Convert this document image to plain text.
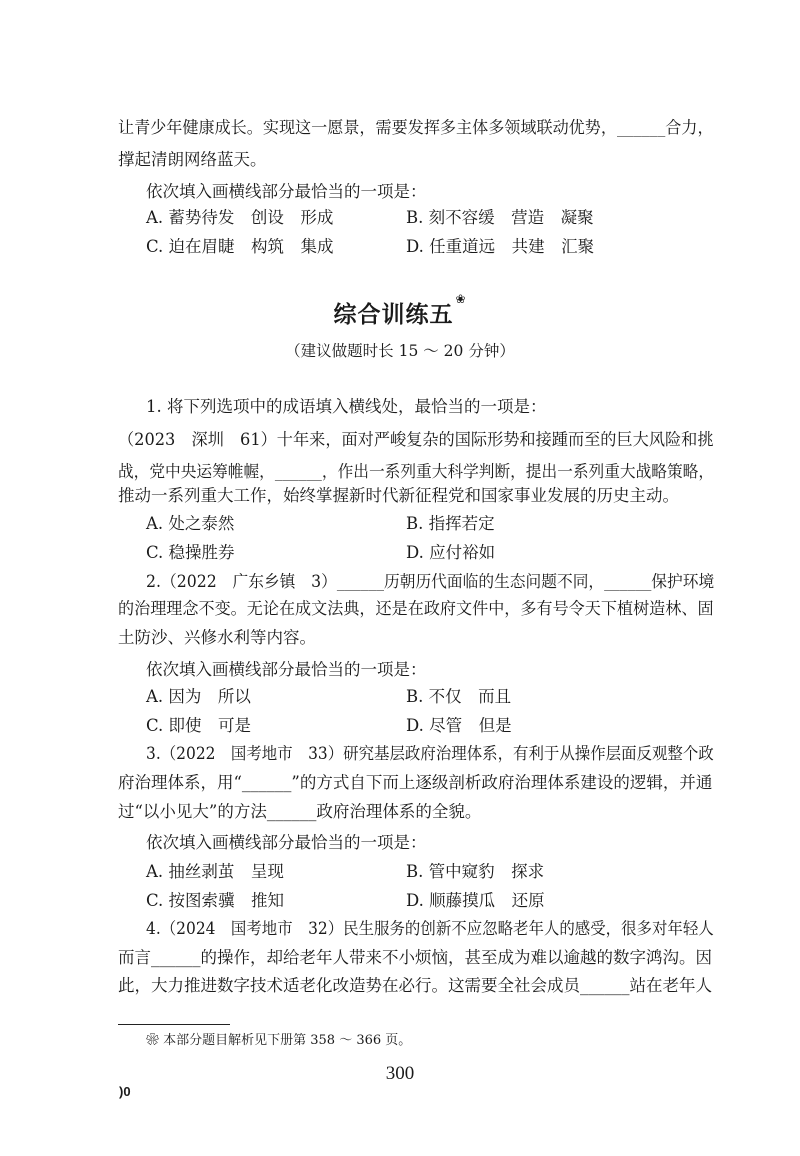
让青少年健康成长。实现这一愿景，需要发挥多主体多领域联动优势，______合力，
撑起清朗网络蓝天。
依次填入画横线部分最恰当的一项是：
A. 蓄势待发　创设　形成	B. 刻不容缓　营造　凝聚
C. 迫在眉睫　构筑　集成	D. 任重道远　共建　汇聚
综合训练五❀
（建议做题时长 15 ～ 20 分钟）
1. 将下列选项中的成语填入横线处，最恰当的一项是：
（2023　深圳　61）十年来，面对严峻复杂的国际形势和接踵而至的巨大风险和挑
战，党中央运筹帷幄，______，作出一系列重大科学判断，提出一系列重大战略策略，
推动一系列重大工作，始终掌握新时代新征程党和国家事业发展的历史主动。
A. 处之泰然	B. 指挥若定
C. 稳操胜券	D. 应付裕如
2.（2022　广东乡镇　3）______历朝历代面临的生态问题不同，______保护环境
的治理理念不变。无论在成文法典，还是在政府文件中，多有号令天下植树造林、固
土防沙、兴修水利等内容。
依次填入画横线部分最恰当的一项是：
A. 因为　所以	B. 不仅　而且
C. 即使　可是	D. 尽管　但是
3.（2022　国考地市　33）研究基层政府治理体系，有利于从操作层面反观整个政
府治理体系，用“______”的方式自下而上逐级剖析政府治理体系建设的逻辑，并通
过“以小见大”的方法______政府治理体系的全貌。
依次填入画横线部分最恰当的一项是：
A. 抽丝剥茧　呈现	B. 管中窥豹　探求
C. 按图索骥　推知	D. 顺藤摸瓜　还原
4.（2024　国考地市　32）民生服务的创新不应忽略老年人的感受，很多对年轻人
而言______的操作，却给老年人带来不小烦恼，甚至成为难以逾越的数字鸿沟。因
此，大力推进数字技术适老化改造势在必行。这需要全社会成员______站在老年人
❀ 本部分题目解析见下册第 358 ～ 366 页。
300
)0
